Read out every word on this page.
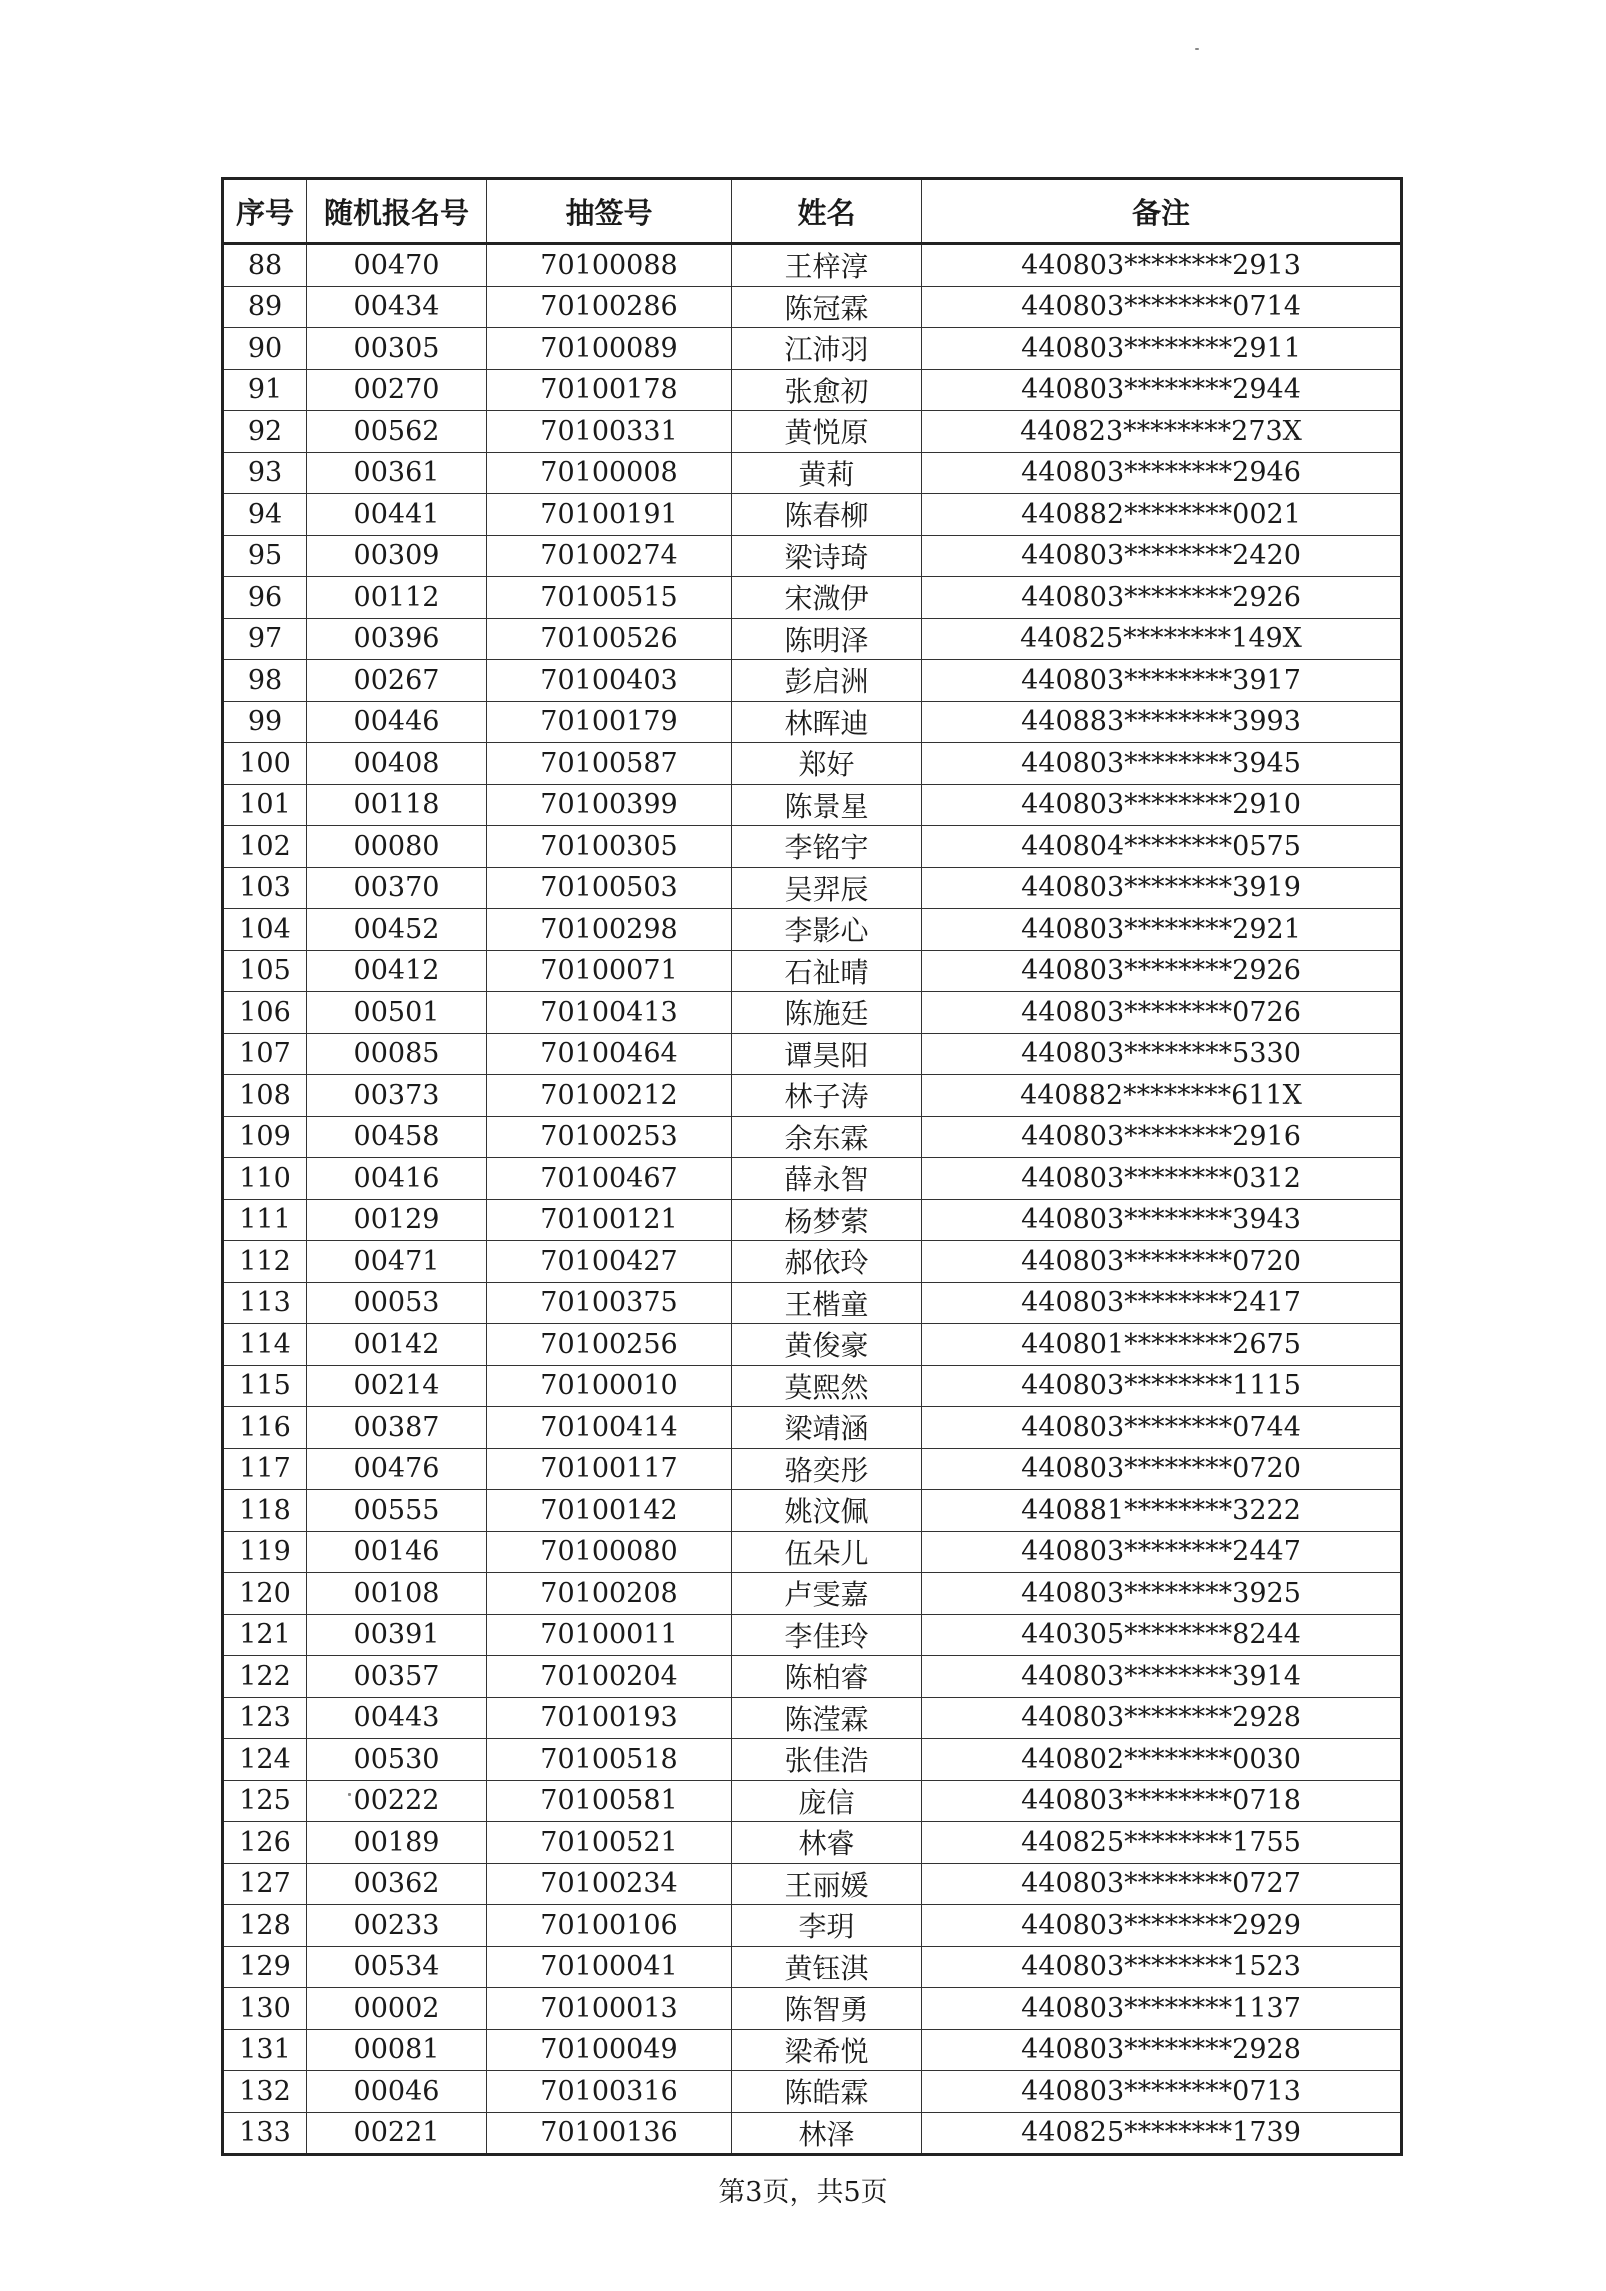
序号	随机报名号	抽签号	姓名	备注
88	00470	70100088	王梓淳	440803********2913
89	00434	70100286	陈冠霖	440803********0714
90	00305	70100089	江沛羽	440803********2911
91	00270	70100178	张愈初	440803********2944
92	00562	70100331	黄悦原	440823********273X
93	00361	70100008	黄莉	440803********2946
94	00441	70100191	陈春柳	440882********0021
95	00309	70100274	梁诗琦	440803********2420
96	00112	70100515	宋溦伊	440803********2926
97	00396	70100526	陈明泽	440825********149X
98	00267	70100403	彭启洲	440803********3917
99	00446	70100179	林晖迪	440883********3993
100	00408	70100587	郑好	440803********3945
101	00118	70100399	陈景星	440803********2910
102	00080	70100305	李铭宇	440804********0575
103	00370	70100503	吴羿辰	440803********3919
104	00452	70100298	李影心	440803********2921
105	00412	70100071	石祉晴	440803********2926
106	00501	70100413	陈施廷	440803********0726
107	00085	70100464	谭昊阳	440803********5330
108	00373	70100212	林子涛	440882********611X
109	00458	70100253	余东霖	440803********2916
110	00416	70100467	薛永智	440803********0312
111	00129	70100121	杨梦萦	440803********3943
112	00471	70100427	郝依玲	440803********0720
113	00053	70100375	王楷童	440803********2417
114	00142	70100256	黄俊豪	440801********2675
115	00214	70100010	莫熙然	440803********1115
116	00387	70100414	梁靖涵	440803********0744
117	00476	70100117	骆奕彤	440803********0720
118	00555	70100142	姚汶佩	440881********3222
119	00146	70100080	伍朵儿	440803********2447
120	00108	70100208	卢雯嘉	440803********3925
121	00391	70100011	李佳玲	440305********8244
122	00357	70100204	陈柏睿	440803********3914
123	00443	70100193	陈滢霖	440803********2928
124	00530	70100518	张佳浩	440802********0030
125	00222	70100581	庞信	440803********0718
126	00189	70100521	林睿	440825********1755
127	00362	70100234	王丽媛	440803********0727
128	00233	70100106	李玥	440803********2929
129	00534	70100041	黄钰淇	440803********1523
130	00002	70100013	陈智勇	440803********1137
131	00081	70100049	梁希悦	440803********2928
132	00046	70100316	陈皓霖	440803********0713
133	00221	70100136	林泽	440825********1739
第3页，共5页
